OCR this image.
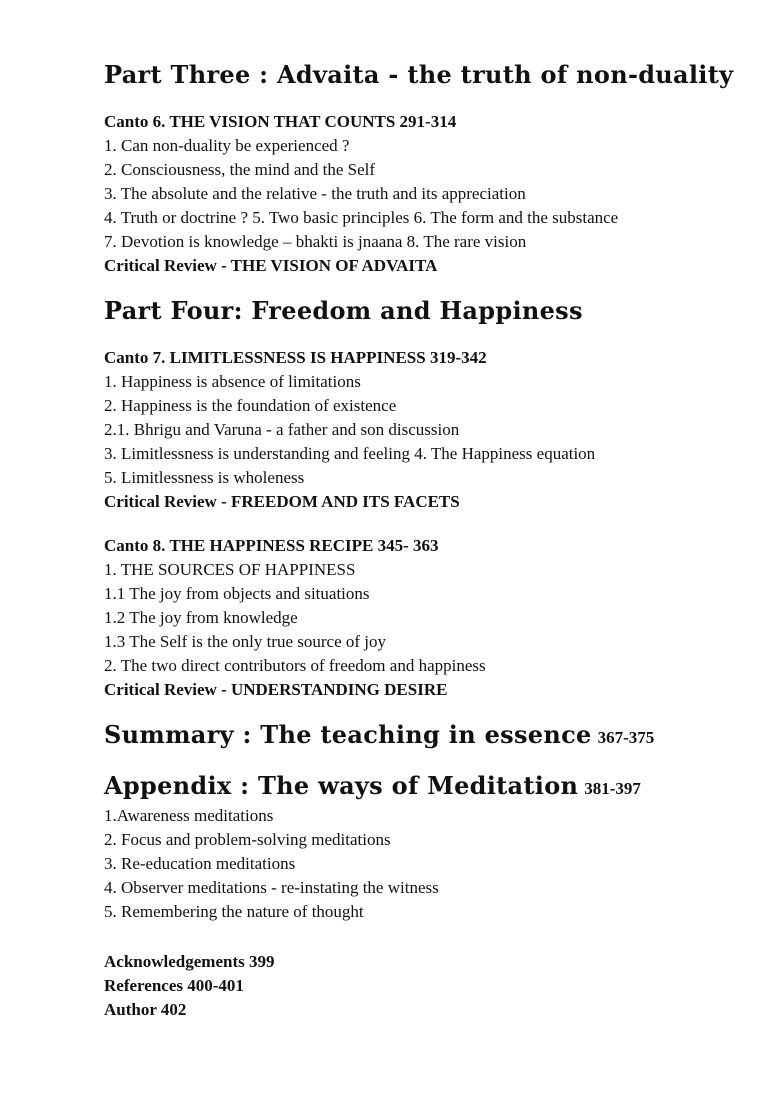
Part Three : Advaita - the truth of non-duality
Canto 6. THE VISION THAT COUNTS 291-314
1. Can non-duality be experienced ?
2. Consciousness, the mind and the Self
3. The absolute and the relative - the truth and its appreciation
4. Truth or doctrine ? 5. Two basic principles 6. The form and the substance
7. Devotion is knowledge – bhakti is jnaana 8. The rare vision
Critical Review - THE VISION OF ADVAITA
Part Four: Freedom and Happiness
Canto 7. LIMITLESSNESS IS HAPPINESS 319-342
1. Happiness is absence of limitations
2. Happiness is the foundation of existence
2.1. Bhrigu and Varuna - a father and son discussion
3. Limitlessness is understanding and feeling 4. The Happiness equation
5. Limitlessness is wholeness
Critical Review - FREEDOM AND ITS FACETS
Canto 8. THE HAPPINESS RECIPE 345- 363
1. THE SOURCES OF HAPPINESS
1.1 The joy from objects and situations
1.2 The joy from knowledge
1.3 The Self is the only true source of joy
2. The two direct contributors of freedom and happiness
Critical Review - UNDERSTANDING DESIRE
Summary : The teaching in essence 367-375
Appendix : The ways of Meditation 381-397
1.Awareness meditations
2. Focus and problem-solving meditations
3. Re-education meditations
4. Observer meditations - re-instating the witness
5. Remembering the nature of thought
Acknowledgements 399
References 400-401
Author 402
